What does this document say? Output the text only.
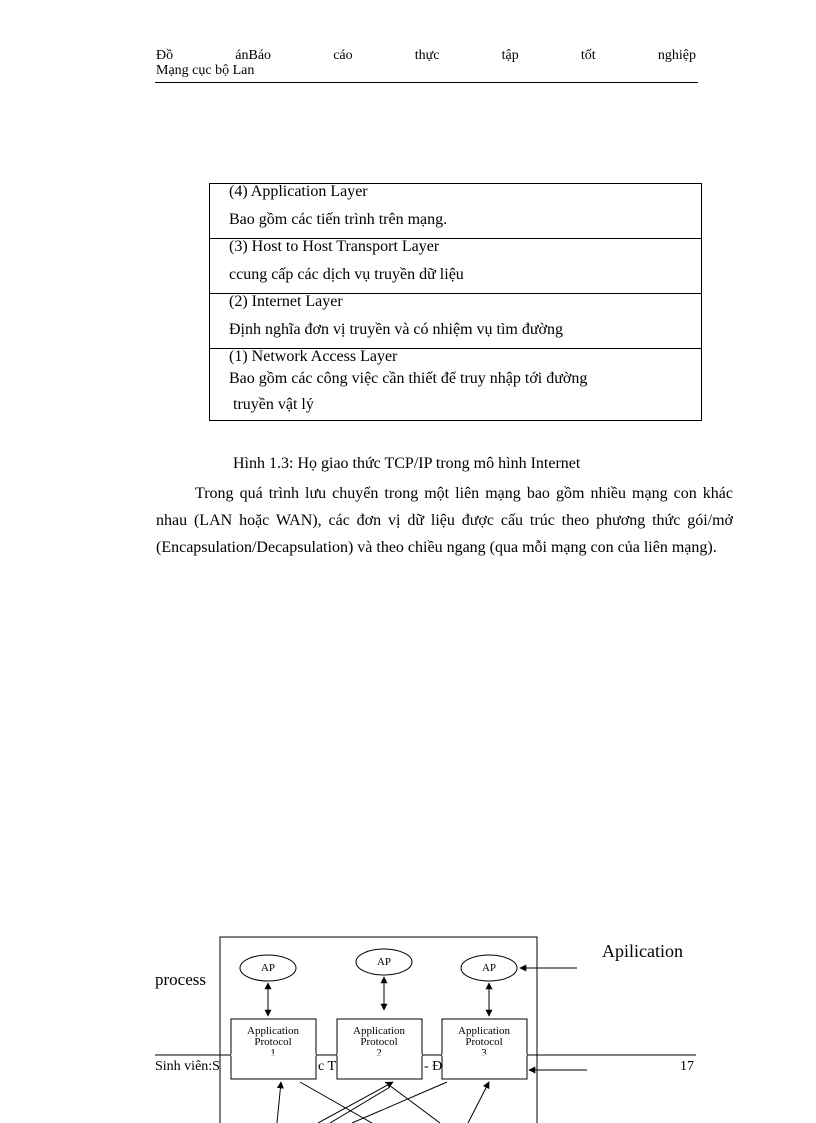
Đồ	ánBáo	cáo	thực	tập	tốt	nghiệp
Mạng cục bộ Lan
(4) Application Layer
Bao gồm các tiến trình trên mạng.
(3) Host to Host Transport Layer
ccung cấp các dịch vụ truyền dữ liệu
(2) Internet Layer
Định nghĩa đơn vị truyền và có nhiệm vụ tìm đường
(1) Network Access Layer
Bao gồm các công việc cần thiết để truy nhập tới đường
truyền vật lý
Hình 1.3: Họ giao thức TCP/IP trong mô hình Internet

Trong quá trình lưu chuyển trong một liên mạng bao gồm nhiều mạng con khác nhau (LAN hoặc WAN), các đơn vị dữ liệu được cấu trúc theo phương thức gói/mở (Encapsulation/Decapsulation) và theo chiều ngang (qua mỗi mạng con của liên mạng).

process
Apilication
AP	AP	AP
Application
Protocol
1
Application
Protocol
2
Application
Protocol
3
Sinh viên:S	c T	- Đ	17
